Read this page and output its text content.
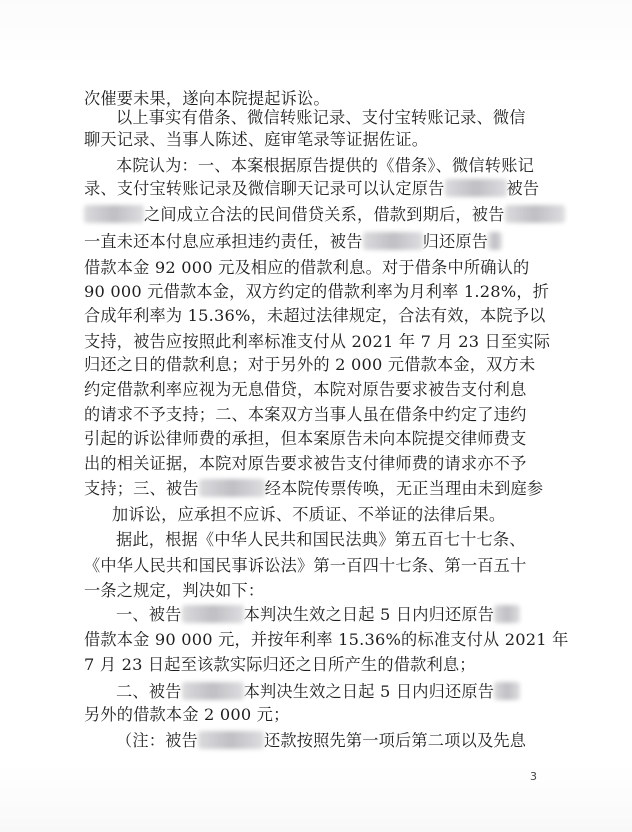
次催要未果，遂向本院提起诉讼。
以上事实有借条、微信转账记录、支付宝转账记录、微信
聊天记录、当事人陈述、庭审笔录等证据佐证。
本院认为：一、本案根据原告提供的《借条》、微信转账记
录、支付宝转账记录及微信聊天记录可以认定原告	被告
之间成立合法的民间借贷关系，借款到期后，被告
一直未还本付息应承担违约责任，被告	归还原告
借款本金 92 000 元及相应的借款利息。对于借条中所确认的
90 000 元借款本金，双方约定的借款利率为月利率 1.28%，折
合成年利率为 15.36%，未超过法律规定，合法有效，本院予以
支持，被告应按照此利率标准支付从 2021 年 7 月 23 日至实际
归还之日的借款利息；对于另外的 2 000 元借款本金，双方未
约定借款利率应视为无息借贷，本院对原告要求被告支付利息
的请求不予支持；二、本案双方当事人虽在借条中约定了违约
引起的诉讼律师费的承担，但本案原告未向本院提交律师费支
出的相关证据，本院对原告要求被告支付律师费的请求亦不予
支持；三、被告	经本院传票传唤，无正当理由未到庭参
加诉讼，应承担不应诉、不质证、不举证的法律后果。
据此，根据《中华人民共和国民法典》第五百七十七条、
《中华人民共和国民事诉讼法》第一百四十七条、第一百五十
一条之规定，判决如下：
一、被告	本判决生效之日起 5 日内归还原告
借款本金 90 000 元，并按年利率 15.36%的标准支付从 2021 年
7 月 23 日起至该款实际归还之日所产生的借款利息；
二、被告	本判决生效之日起 5 日内归还原告
另外的借款本金 2 000 元；
（注：被告	还款按照先第一项后第二项以及先息
3
